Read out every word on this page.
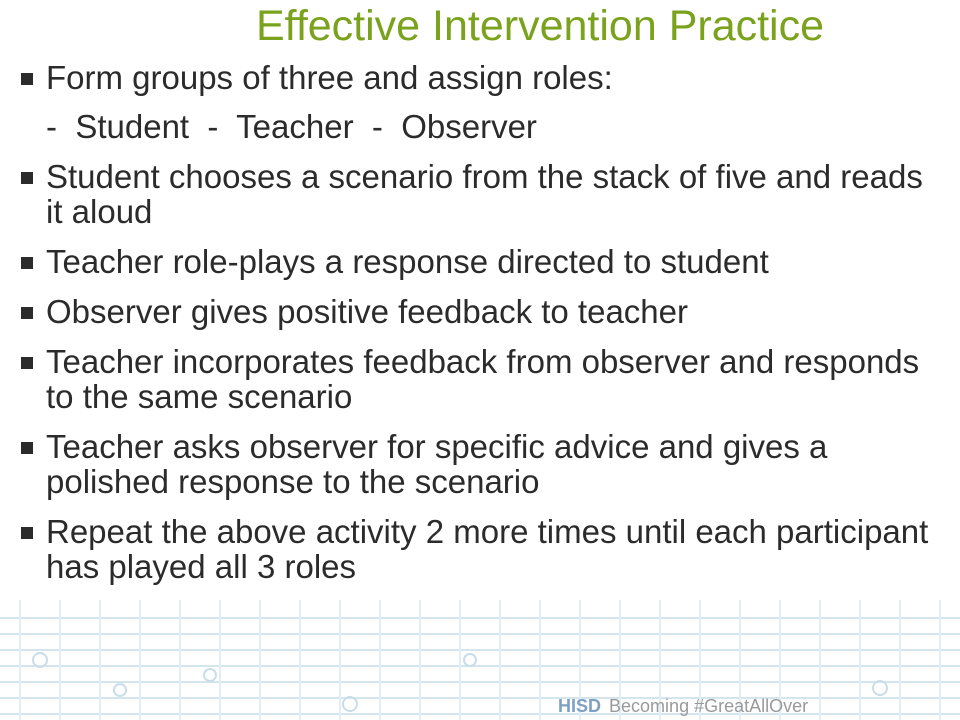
Effective Intervention Practice
Form groups of three and assign roles:
-  Student  -  Teacher  -  Observer
Student chooses a scenario from the stack of five and reads it aloud
Teacher role-plays a response directed to student
Observer gives positive feedback to teacher
Teacher incorporates feedback from observer and responds to the same scenario
Teacher asks observer for specific advice and gives a polished response to the scenario
Repeat the above activity 2 more times until each participant has played all 3 roles

HISD Becoming #GreatAllOver
